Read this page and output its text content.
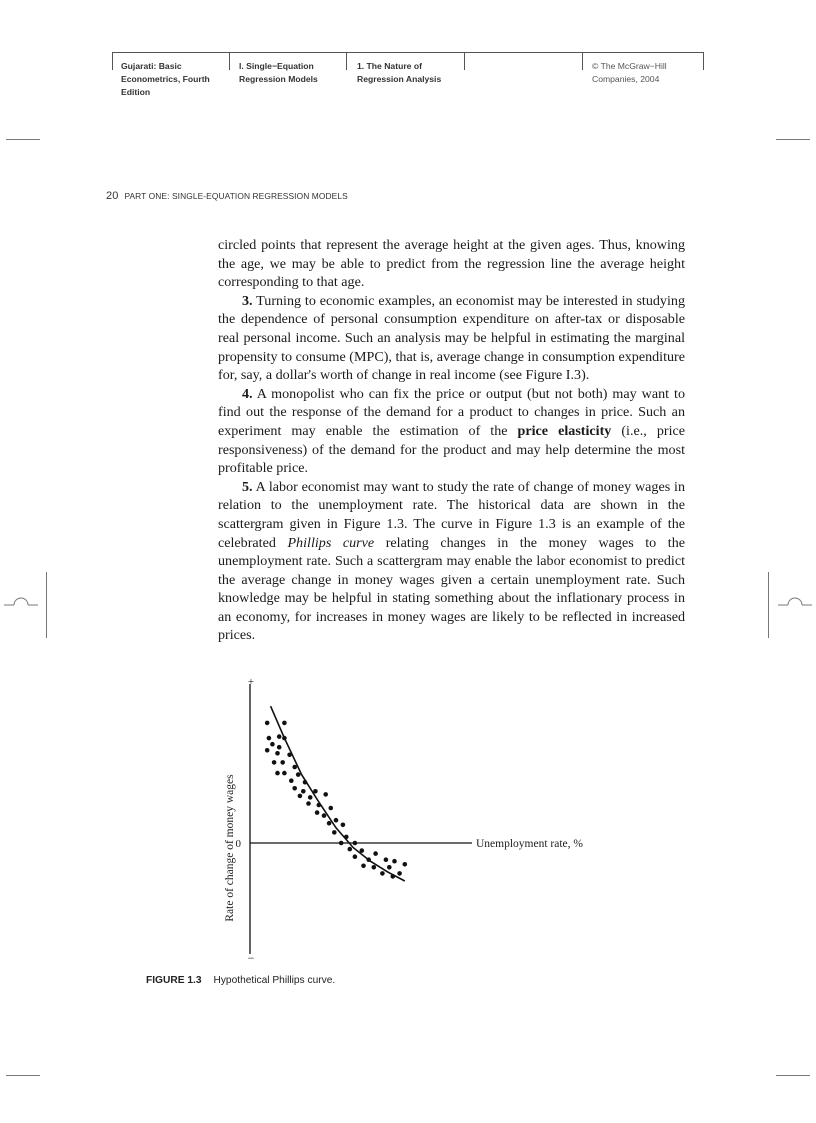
Gujarati: Basic Econometrics, Fourth Edition
I. Single−Equation Regression Models
1. The Nature of Regression Analysis
© The McGraw−Hill Companies, 2004
20 PART ONE: SINGLE-EQUATION REGRESSION MODELS

circled points that represent the average height at the given ages. Thus, knowing the age, we may be able to predict from the regression line the average height corresponding to that age.

3. Turning to economic examples, an economist may be interested in studying the dependence of personal consumption expenditure on after-tax or disposable real personal income. Such an analysis may be helpful in estimating the marginal propensity to consume (MPC), that is, average change in consumption expenditure for, say, a dollar's worth of change in real income (see Figure I.3).

4. A monopolist who can fix the price or output (but not both) may want to find out the response of the demand for a product to changes in price. Such an experiment may enable the estimation of the price elasticity (i.e., price responsiveness) of the demand for the product and may help determine the most profitable price.

5. A labor economist may want to study the rate of change of money wages in relation to the unemployment rate. The historical data are shown in the scattergram given in Figure 1.3. The curve in Figure 1.3 is an example of the celebrated Phillips curve relating changes in the money wages to the unemployment rate. Such a scattergram may enable the labor economist to predict the average change in money wages given a certain unemployment rate. Such knowledge may be helpful in stating something about the inflationary process in an economy, for increases in money wages are likely to be reflected in increased prices.

+
−
0	Unemployment rate, %
Rate of change of money wages
FIGURE 1.3 Hypothetical Phillips curve.
